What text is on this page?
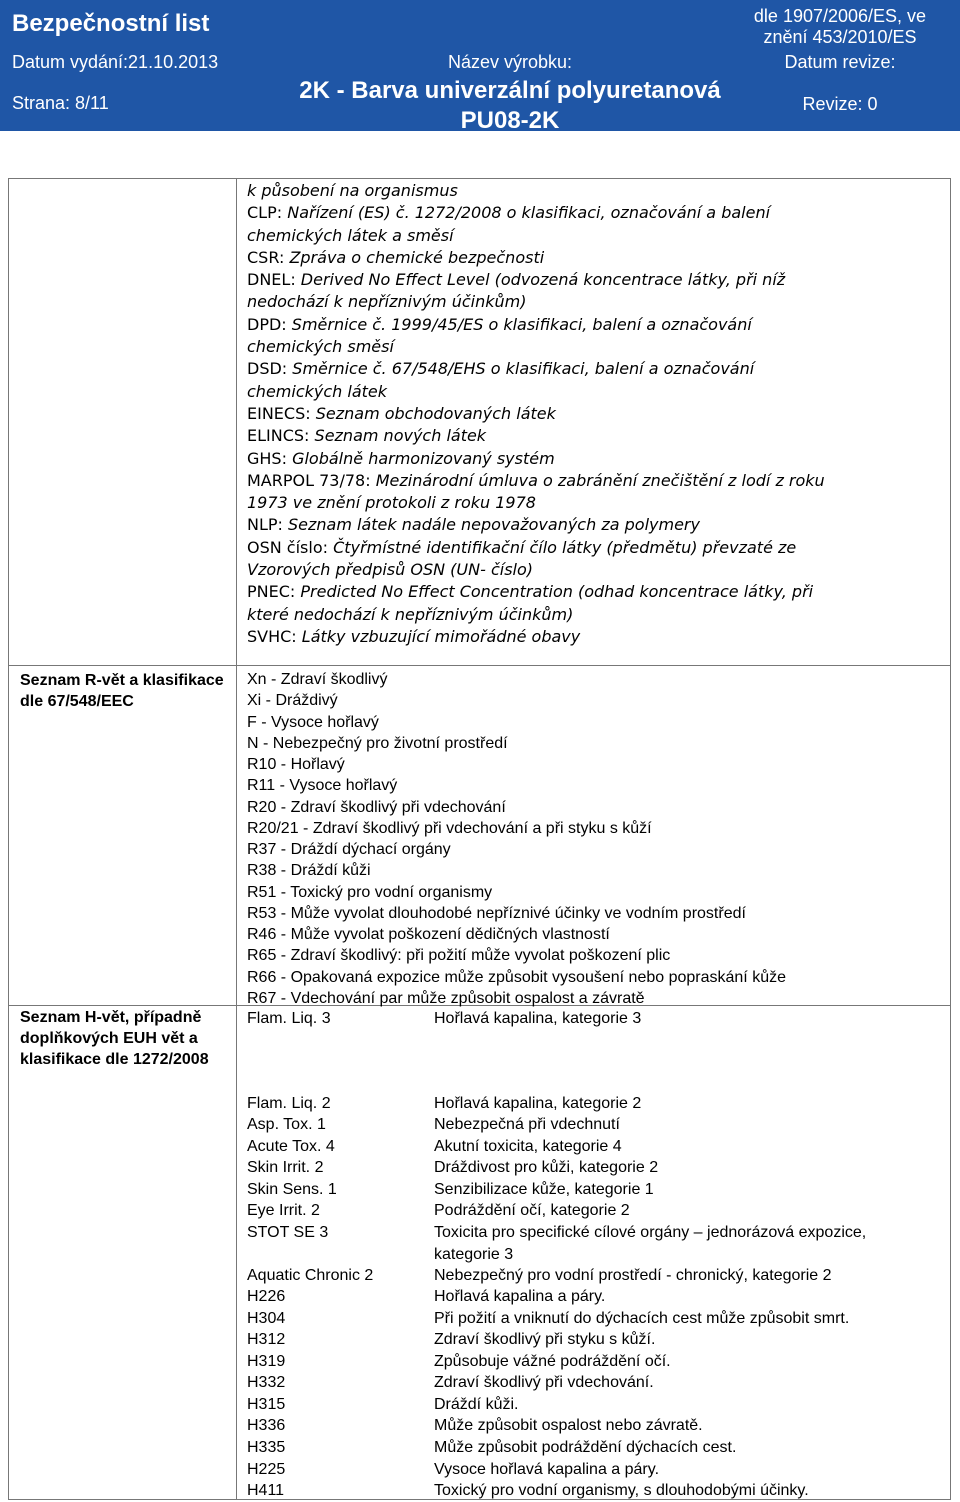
Bezpečnostní list	dle 1907/2006/ES, ve
znění 453/2010/ES
Datum vydání:21.10.2013	Název výrobku:	Datum revize:
Strana: 8/11	2K - Barva univerzální polyuretanová
PU08-2K
Revize: 0
k působení na organismus
CLP: Nařízení (ES) č. 1272/2008 o klasifikaci, označování a balení
chemických látek a směsí
CSR: Zpráva o chemické bezpečnosti
DNEL: Derived No Effect Level (odvozená koncentrace látky, při níž
nedochází k nepříznivým účinkům)
DPD: Směrnice č. 1999/45/ES o klasifikaci, balení a označování
chemických směsí
DSD: Směrnice č. 67/548/EHS o klasifikaci, balení a označování
chemických látek
EINECS: Seznam obchodovaných látek
ELINCS: Seznam nových látek
GHS: Globálně harmonizovaný systém
MARPOL 73/78: Mezinárodní úmluva o zabránění znečištění z lodí z roku
1973 ve znění protokoli z roku 1978
NLP: Seznam látek nadále nepovažovaných za polymery
OSN číslo: Čtyřmístné identifikační čílo látky (předmětu) převzaté ze
Vzorových předpisů OSN (UN- číslo)
PNEC: Predicted No Effect Concentration (odhad koncentrace látky, při
které nedochází k nepříznivým účinkům)
SVHC: Látky vzbuzující mimořádné obavy
Seznam R-vět a klasifikace dle 67/548/EEC
Xn - Zdraví škodlivý
Xi - Dráždivý
F - Vysoce hořlavý
N - Nebezpečný pro životní prostředí
R10 - Hořlavý
R11 - Vysoce hořlavý
R20 - Zdraví škodlivý při vdechování
R20/21 - Zdraví škodlivý při vdechování a při styku s kůží
R37 - Dráždí dýchací orgány
R38 - Dráždí kůži
R51 - Toxický pro vodní organismy
R53 - Může vyvolat dlouhodobé nepříznivé účinky ve vodním prostředí
R46 - Může vyvolat poškození dědičných vlastností
R65 - Zdraví škodlivý: při požití může vyvolat poškození plic
R66 - Opakovaná expozice může způsobit vysoušení nebo popraskání kůže
R67 - Vdechování par může způsobit ospalost a závratě
Seznam H-vět, případně doplňkových EUH vět a klasifikace dle 1272/2008
Flam. Liq. 3	Hořlavá kapalina, kategorie 3
Flam. Liq. 2	Hořlavá kapalina, kategorie 2
Asp. Tox. 1	Nebezpečná při vdechnutí
Acute Tox. 4	Akutní toxicita, kategorie 4
Skin Irrit. 2	Dráždivost pro kůži, kategorie 2
Skin Sens. 1	Senzibilizace kůže, kategorie 1
Eye Irrit. 2	Podráždění očí, kategorie 2
STOT SE 3	Toxicita pro specifické cílové orgány – jednorázová expozice, kategorie 3
Aquatic Chronic 2	Nebezpečný pro vodní prostředí - chronický, kategorie 2
H226	Hořlavá kapalina a páry.
H304	Při požití a vniknutí do dýchacích cest může způsobit smrt.
H312	Zdraví škodlivý při styku s kůží.
H319	Způsobuje vážné podráždění očí.
H332	Zdraví škodlivý při vdechování.
H315	Dráždí kůži.
H336	Může způsobit ospalost nebo závratě.
H335	Může způsobit podráždění dýchacích cest.
H225	Vysoce hořlavá kapalina a páry.
H411	Toxický pro vodní organismy, s dlouhodobými účinky.
